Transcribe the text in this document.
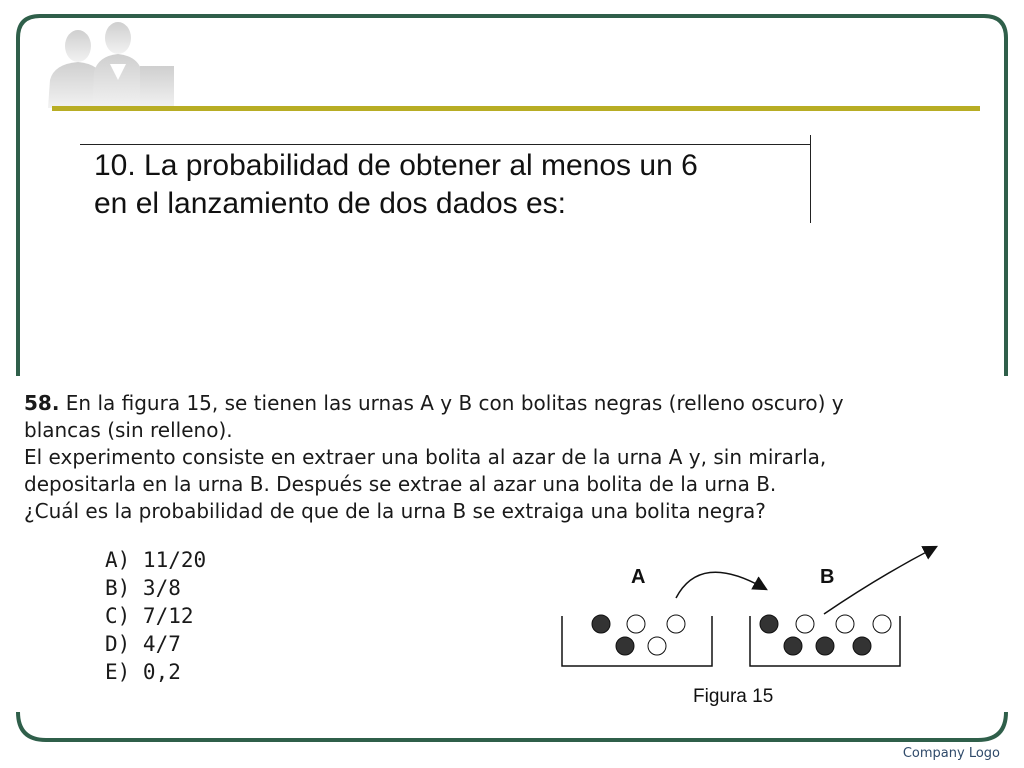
10. La probabilidad de obtener al menos un 6
en el lanzamiento de dos dados es:
58. En la figura 15, se tienen las urnas A y B con bolitas negras (relleno oscuro) y
blancas (sin relleno).
El experimento consiste en extraer una bolita al azar de la urna A y, sin mirarla,
depositarla en la urna B. Después se extrae al azar una bolita de la urna B.
¿Cuál es la probabilidad de que de la urna B se extraiga una bolita negra?
A) 11/20
B) 3/8
C) 7/12
D) 4/7
E) 0,2
A	B
Figura 15
Company Logo
